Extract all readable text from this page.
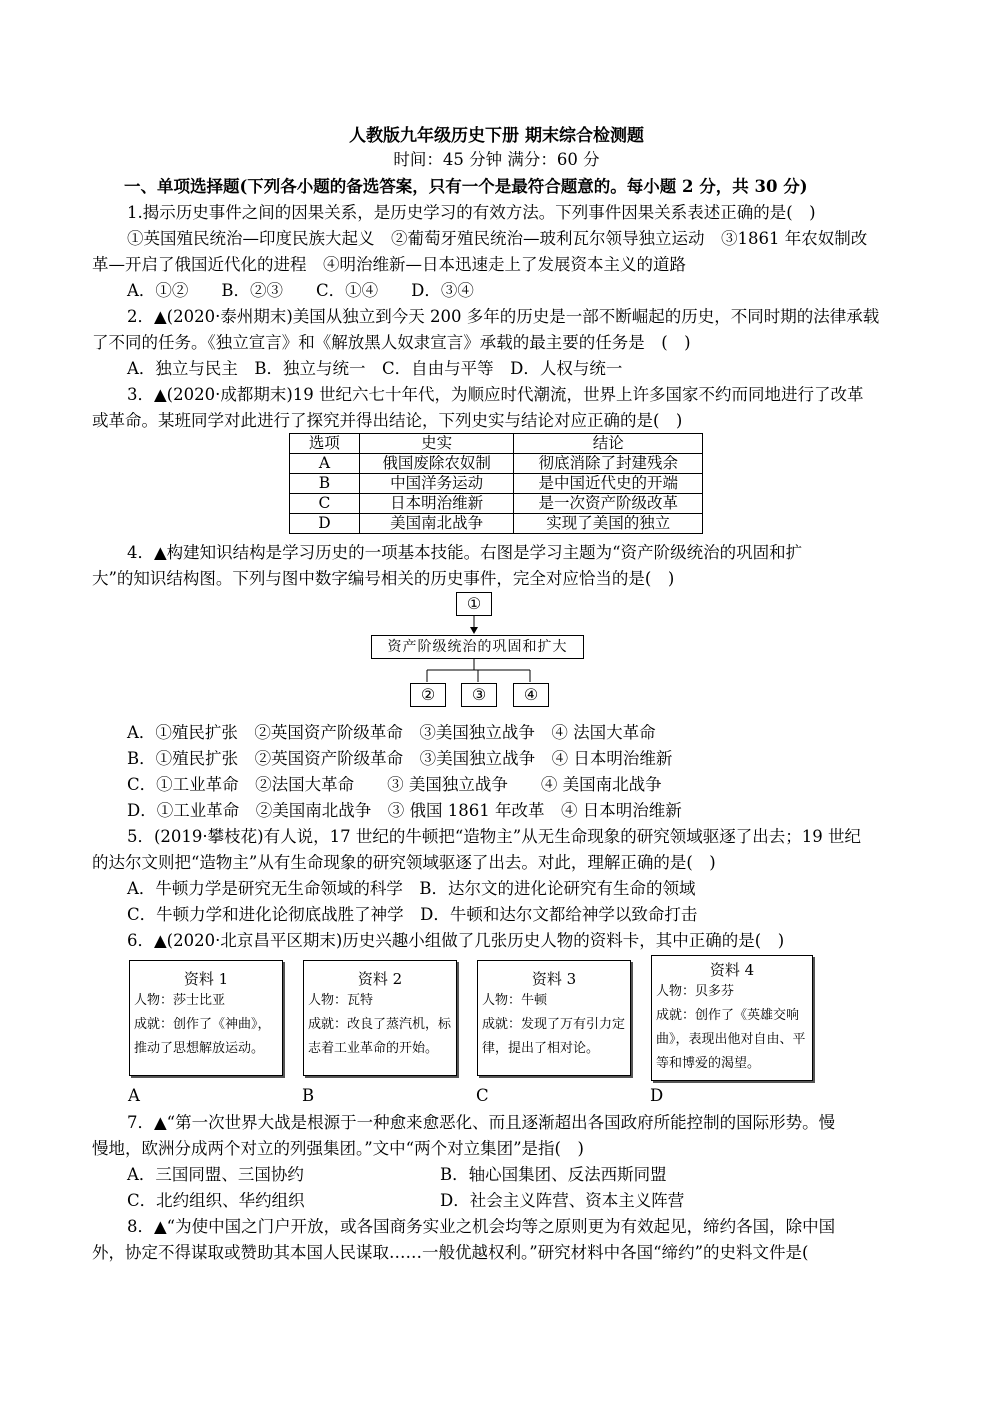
人教版九年级历史下册 期末综合检测题
时间：45 分钟 满分：60 分
一、单项选择题(下列各小题的备选答案，只有一个是最符合题意的。每小题 2 分，共 30 分)
1.揭示历史事件之间的因果关系，是历史学习的有效方法。下列事件因果关系表述正确的是(　)
①英国殖民统治—印度民族大起义　②葡萄牙殖民统治—玻利瓦尔领导独立运动　③1861 年农奴制改
革—开启了俄国近代化的进程　④明治维新—日本迅速走上了发展资本主义的道路
A．①②　　B．②③　　C．①④　　D．③④
2．▲(2020·泰州期末)美国从独立到今天 200 多年的历史是一部不断崛起的历史，不同时期的法律承载
了不同的任务。《独立宣言》和《解放黑人奴隶宣言》承载的最主要的任务是　(　)
A．独立与民主　B．独立与统一　C．自由与平等　D．人权与统一
3．▲(2020·成都期末)19 世纪六七十年代，为顺应时代潮流，世界上许多国家不约而同地进行了改革
或革命。某班同学对此进行了探究并得出结论，下列史实与结论对应正确的是(　)
选项	史实	结论
A	俄国废除农奴制	彻底消除了封建残余
B	中国洋务运动	是中国近代史的开端
C	日本明治维新	是一次资产阶级改革
D	美国南北战争	实现了美国的独立
4．▲构建知识结构是学习历史的一项基本技能。右图是学习主题为“资产阶级统治的巩固和扩
大”的知识结构图。下列与图中数字编号相关的历史事件，完全对应恰当的是(　)
①
资产阶级统治的巩固和扩大
②	③	④
A．①殖民扩张　②英国资产阶级革命　③美国独立战争　④ 法国大革命
B．①殖民扩张　②英国资产阶级革命　③美国独立战争　④ 日本明治维新
C．①工业革命　②法国大革命　　③ 美国独立战争　　④ 美国南北战争
D．①工业革命　②美国南北战争　③ 俄国 1861 年改革　④ 日本明治维新
5．(2019·攀枝花)有人说，17 世纪的牛顿把“造物主”从无生命现象的研究领域驱逐了出去；19 世纪
的达尔文则把“造物主”从有生命现象的研究领域驱逐了出去。对此，理解正确的是(　)
A．牛顿力学是研究无生命领域的科学　B．达尔文的进化论研究有生命的领域
C．牛顿力学和进化论彻底战胜了神学　D．牛顿和达尔文都给神学以致命打击
6．▲(2020·北京昌平区期末)历史兴趣小组做了几张历史人物的资料卡，其中正确的是(　)
资料 1
人物：莎士比亚
成就：创作了《神曲》，推动了思想解放运动。
资料 2
人物：瓦特
成就：改良了蒸汽机，标志着工业革命的开始。
资料 3
人物：牛顿
成就：发现了万有引力定律，提出了相对论。
资料 4
人物：贝多芬
成就：创作了《英雄交响曲》，表现出他对自由、平等和博爱的渴望。
A	B	C	D
7．▲“第一次世界大战是根源于一种愈来愈恶化、而且逐渐超出各国政府所能控制的国际形势。慢
慢地，欧洲分成两个对立的列强集团。”文中“两个对立集团”是指(　)
A．三国同盟、三国协约	B．轴心国集团、反法西斯同盟
C．北约组织、华约组织	D．社会主义阵营、资本主义阵营
8．▲“为使中国之门户开放，或各国商务实业之机会均等之原则更为有效起见，缔约各国，除中国
外，协定不得谋取或赞助其本国人民谋取……一般优越权利。”研究材料中各国“缔约”的史料文件是(
